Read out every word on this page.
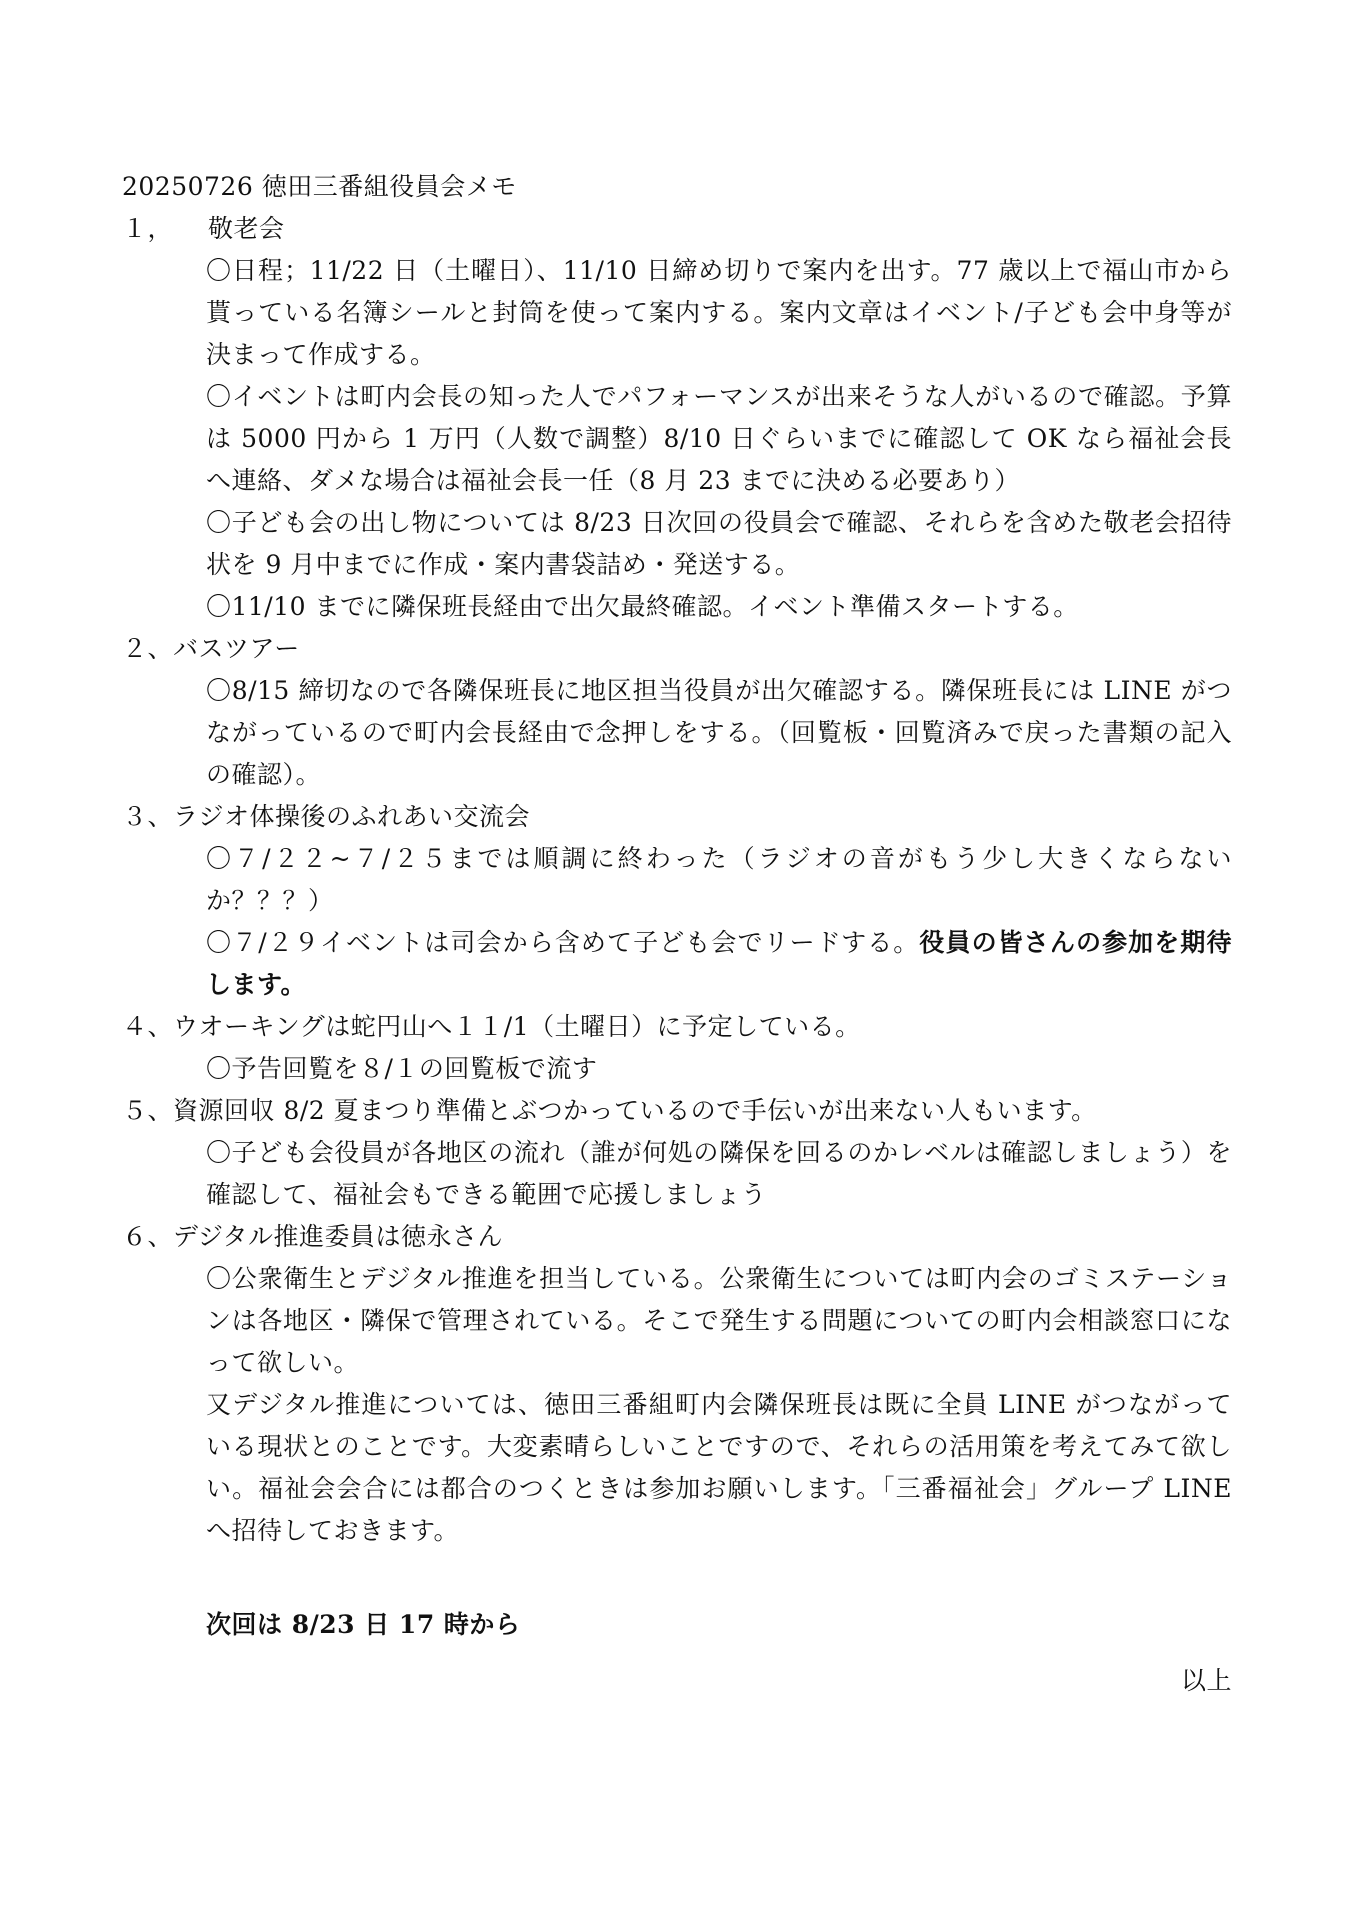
20250726 徳田三番組役員会メモ
１， 敬老会
〇日程；11/22 日（土曜日）、11/10 日締め切りで案内を出す。77 歳以上で福山市から貰っている名簿シールと封筒を使って案内する。案内文章はイベント/子ども会中身等が決まって作成する。
〇イベントは町内会長の知った人でパフォーマンスが出来そうな人がいるので確認。予算は 5000 円から 1 万円（人数で調整）8/10 日ぐらいまでに確認して OK なら福祉会長へ連絡、ダメな場合は福祉会長一任（8 月 23 までに決める必要あり）
〇子ども会の出し物については 8/23 日次回の役員会で確認、それらを含めた敬老会招待状を 9 月中までに作成・案内書袋詰め・発送する。
〇11/10 までに隣保班長経由で出欠最終確認。イベント準備スタートする。
２、バスツアー
〇8/15 締切なので各隣保班長に地区担当役員が出欠確認する。隣保班長には LINE がつながっているので町内会長経由で念押しをする。（回覧板・回覧済みで戻った書類の記入の確認）。
３、ラジオ体操後のふれあい交流会
〇７/２２~７/２５までは順調に終わった（ラジオの音がもう少し大きくならないか？？？）
〇７/２９イベントは司会から含めて子ども会でリードする。役員の皆さんの参加を期待します。
４、ウオーキングは蛇円山へ１１/1（土曜日）に予定している。
〇予告回覧を８/１の回覧板で流す
５、資源回収 8/2 夏まつり準備とぶつかっているので手伝いが出来ない人もいます。
〇子ども会役員が各地区の流れ（誰が何処の隣保を回るのかレベルは確認しましょう）を確認して、福祉会もできる範囲で応援しましょう
６、デジタル推進委員は徳永さん
〇公衆衛生とデジタル推進を担当している。公衆衛生については町内会のゴミステーションは各地区・隣保で管理されている。そこで発生する問題についての町内会相談窓口になって欲しい。
又デジタル推進については、徳田三番組町内会隣保班長は既に全員 LINE がつながっている現状とのことです。大変素晴らしいことですので、それらの活用策を考えてみて欲しい。福祉会会合には都合のつくときは参加お願いします。「三番福祉会」グループ LINE へ招待しておきます。
次回は 8/23 日 17 時から
以上
